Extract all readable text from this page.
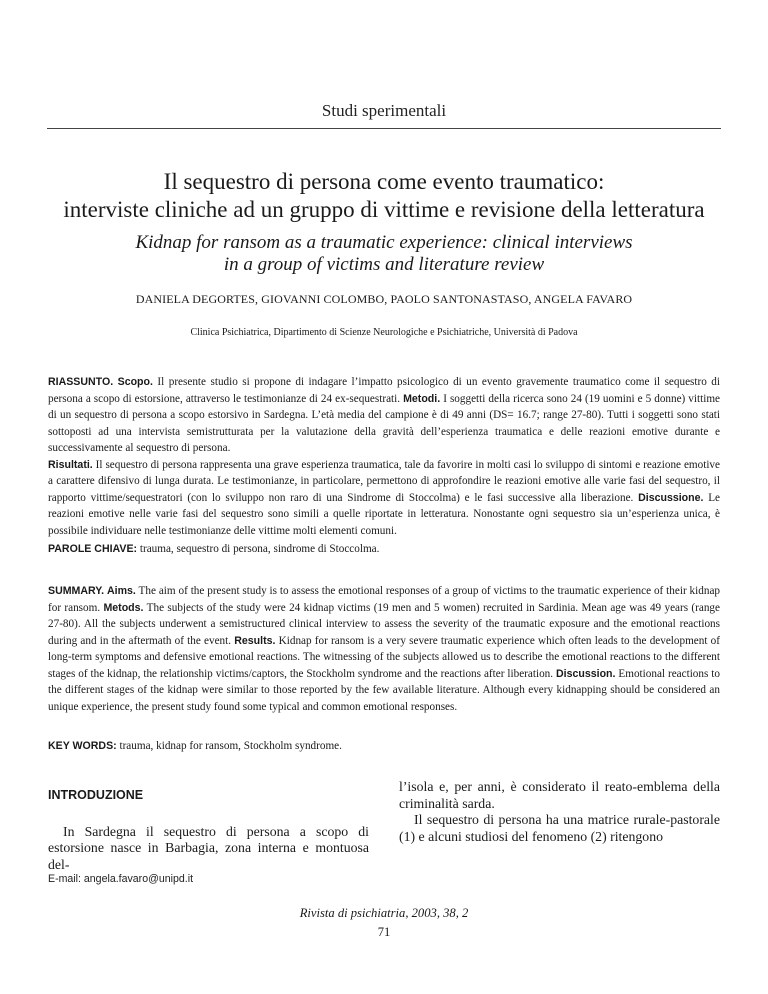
Studi sperimentali
Il sequestro di persona come evento traumatico:
interviste cliniche ad un gruppo di vittime e revisione della letteratura
Kidnap for ransom as a traumatic experience: clinical interviews
in a group of victims and literature review
DANIELA DEGORTES, GIOVANNI COLOMBO, PAOLO SANTONASTASO, ANGELA FAVARO
Clinica Psichiatrica, Dipartimento di Scienze Neurologiche e Psichiatriche, Università di Padova

RIASSUNTO. Scopo. Il presente studio si propone di indagare l’impatto psicologico di un evento gravemente traumatico come il sequestro di persona a scopo di estorsione, attraverso le testimonianze di 24 ex-sequestrati. Metodi. I soggetti della ricerca sono 24 (19 uomini e 5 donne) vittime di un sequestro di persona a scopo estorsivo in Sardegna. L’età media del campione è di 49 anni (DS= 16.7; range 27-80). Tutti i soggetti sono stati sottoposti ad una intervista semistrutturata per la valutazione della gravità dell’esperienza traumatica e delle reazioni emotive durante e successivamente al sequestro di persona.

Risultati. Il sequestro di persona rappresenta una grave esperienza traumatica, tale da favorire in molti casi lo sviluppo di sintomi e reazione emotive a carattere difensivo di lunga durata. Le testimonianze, in particolare, permettono di approfondire le reazioni emotive alle varie fasi del sequestro, il rapporto vittime/sequestratori (con lo sviluppo non raro di una Sindrome di Stoccolma) e le fasi successive alla liberazione. Discussione. Le reazioni emotive nelle varie fasi del sequestro sono simili a quelle riportate in letteratura. Nonostante ogni sequestro sia un’esperienza unica, è possibile individuare nelle testimonianze delle vittime molti elementi comuni.

PAROLE CHIAVE: trauma, sequestro di persona, sindrome di Stoccolma.

SUMMARY. Aims. The aim of the present study is to assess the emotional responses of a group of victims to the traumatic experience of their kidnap for ransom. Metods. The subjects of the study were 24 kidnap victims (19 men and 5 women) recruited in Sardinia. Mean age was 49 years (range 27-80). All the subjects underwent a semistructured clinical interview to assess the severity of the traumatic exposure and the emotional reactions during and in the aftermath of the event. Results. Kidnap for ransom is a very severe traumatic experience which often leads to the development of long-term symptoms and defensive emotional reactions. The witnessing of the subjects allowed us to describe the emotional reactions to the different stages of the kidnap, the relationship victims/captors, the Stockholm syndrome and the reactions after liberation. Discussion. Emotional reactions to the different stages of the kidnap were similar to those reported by the few available literature. Although every kidnapping should be considered an unique experience, the present study found some typical and common emotional responses.

KEY WORDS: trauma, kidnap for ransom, Stockholm syndrome.

INTRODUZIONE

In Sardegna il sequestro di persona a scopo di estorsione nasce in Barbagia, zona interna e montuosa del-

l’isola e, per anni, è considerato il reato-emblema della criminalità sarda.

Il sequestro di persona ha una matrice rurale-pastorale (1) e alcuni studiosi del fenomeno (2) ritengono

E-mail: angela.favaro@unipd.it
Rivista di psichiatria, 2003, 38, 2
71
